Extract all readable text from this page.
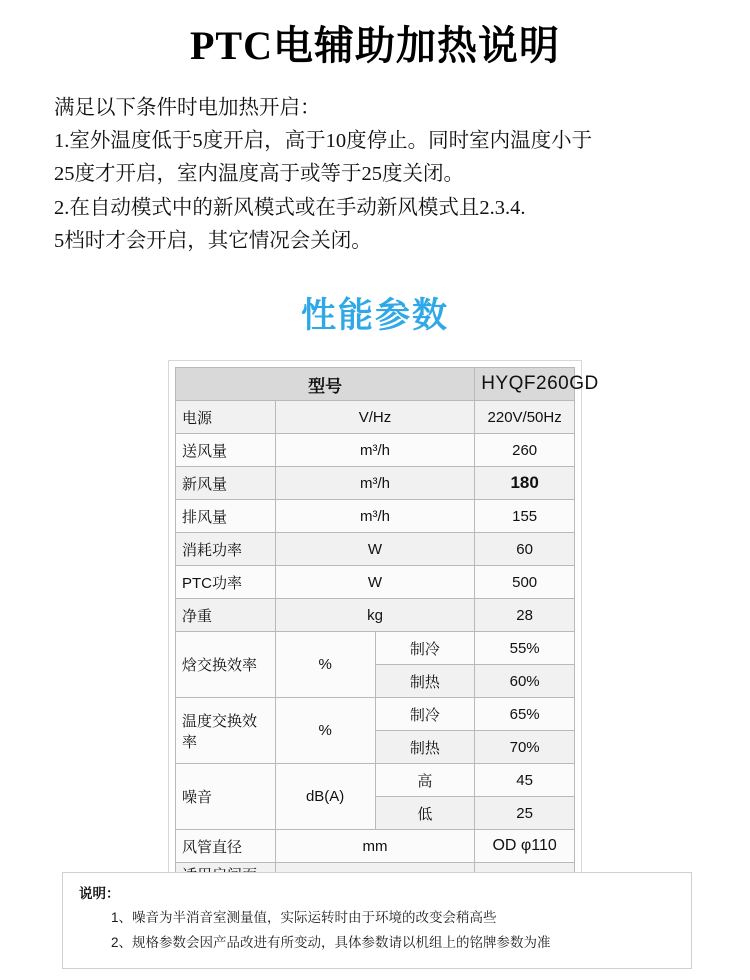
PTC电辅助加热说明
满足以下条件时电加热开启：
1.室外温度低于5度开启，高于10度停止。同时室内温度小于
25度才开启，室内温度高于或等于25度关闭。
2.在自动模式中的新风模式或在手动新风模式且2.3.4.
5档时才会开启，其它情况会关闭。
性能参数
型号			HYQF260GD
电源	V/Hz		220V/50Hz
送风量	m³/h		260
新风量	m³/h		180
排风量	m³/h		155
消耗功率	W		60
PTC功率	W		500
净重	kg		28
焓交换效率	%	制冷	55%
		制热	60%
温度交换效率	%	制冷	65%
		制热	70%
噪音	dB(A)	高	45
		低	25
风管直径	mm		OD φ110

说明：
1、噪音为半消音室测量值，实际运转时由于环境的改变会稍高些
2、规格参数会因产品改进有所变动，具体参数请以机组上的铭牌参数为准
